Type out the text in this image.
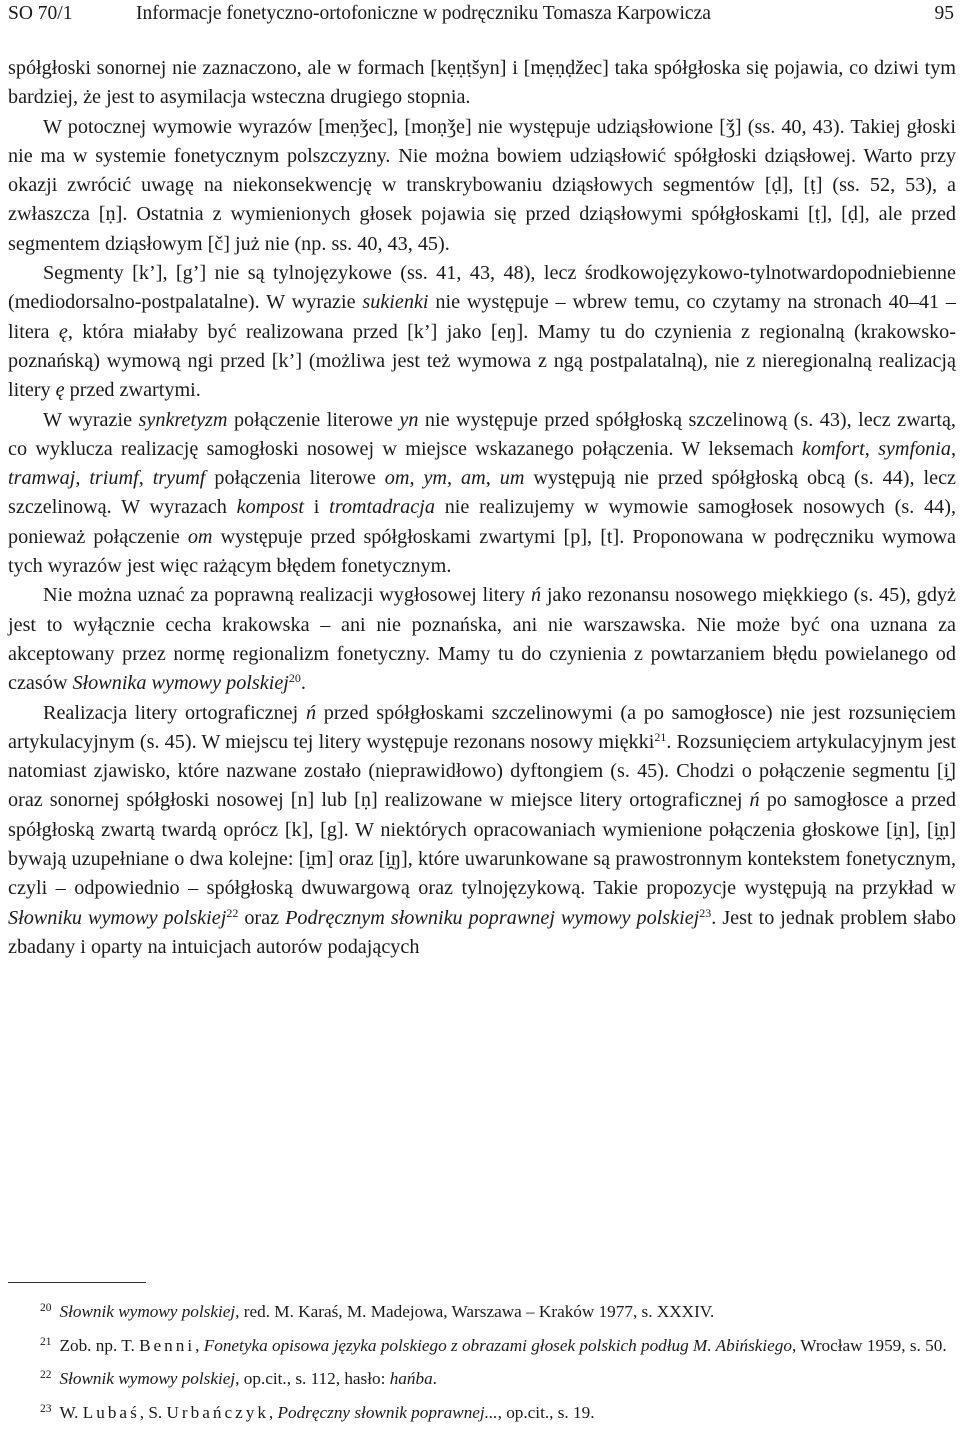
SO 70/1	Informacje fonetyczno-ortofoniczne w podręczniku Tomasza Karpowicza	95

spółgłoski sonornej nie zaznaczono, ale w formach [kẹṇṭšyn] i [mẹṇḍžec] taka spółgłoska się pojawia, co dziwi tym bardziej, że jest to asymilacja wsteczna drugiego stopnia.

W potocznej wymowie wyrazów [meṇǯec], [moṇǯe] nie występuje udziąsłowione [ǯ] (ss. 40, 43). Takiej głoski nie ma w systemie fonetycznym polszczyzny. Nie można bowiem udziąsłowić spółgłoski dziąsłowej. Warto przy okazji zwrócić uwagę na niekonsekwencję w transkrybowaniu dziąsłowych segmentów [ḍ], [ṭ] (ss. 52, 53), a zwłaszcza [ṇ]. Ostatnia z wymienionych głosek pojawia się przed dziąsłowymi spółgłoskami [ṭ], [ḍ], ale przed segmentem dziąsłowym [č] już nie (np. ss. 40, 43, 45).

Segmenty [k’], [g’] nie są tylnojęzykowe (ss. 41, 43, 48), lecz środkowojęzykowo-tylnotwardopodniebienne (mediodorsalno-postpalatalne). W wyrazie sukienki nie występuje – wbrew temu, co czytamy na stronach 40–41 – litera ę, która miałaby być realizowana przed [k’] jako [eŋ]. Mamy tu do czynienia z regionalną (krakowsko-poznańską) wymową ngi przed [k’] (możliwa jest też wymowa z ngą postpalatalną), nie z nieregionalną realizacją litery ę przed zwartymi.

W wyrazie synkretyzm połączenie literowe yn nie występuje przed spółgłoską szczelinową (s. 43), lecz zwartą, co wyklucza realizację samogłoski nosowej w miejsce wskazanego połączenia. W leksemach komfort, symfonia, tramwaj, triumf, tryumf połączenia literowe om, ym, am, um występują nie przed spółgłoską obcą (s. 44), lecz szczelinową. W wyrazach kompost i tromtadracja nie realizujemy w wymowie samogłosek nosowych (s. 44), ponieważ połączenie om występuje przed spółgłoskami zwartymi [p], [t]. Proponowana w podręczniku wymowa tych wyrazów jest więc rażącym błędem fonetycznym.

Nie można uznać za poprawną realizacji wygłosowej litery ń jako rezonansu nosowego miękkiego (s. 45), gdyż jest to wyłącznie cecha krakowska – ani nie poznańska, ani nie warszawska. Nie może być ona uznana za akceptowany przez normę regionalizm fonetyczny. Mamy tu do czynienia z powtarzaniem błędu powielanego od czasów Słownika wymowy polskiej$^{20}$.

Realizacja litery ortograficznej ń przed spółgłoskami szczelinowymi (a po samogłosce) nie jest rozsunięciem artykulacyjnym (s. 45). W miejscu tej litery występuje rezonans nosowy miękki$^{21}$. Rozsunięciem artykulacyjnym jest natomiast zjawisko, które nazwane zostało (nieprawidłowo) dyftongiem (s. 45). Chodzi o połączenie segmentu [i̯] oraz sonornej spółgłoski nosowej [n] lub [ṇ] realizowane w miejsce litery ortograficznej ń po samogłosce a przed spółgłoską zwartą twardą oprócz [k], [g]. W niektórych opracowaniach wymienione połączenia głoskowe [i̯n], [i̯ṇ] bywają uzupełniane o dwa kolejne: [i̯m] oraz [i̯ŋ], które uwarunkowane są prawostronnym kontekstem fonetycznym, czyli – odpowiednio – spółgłoską dwuwargową oraz tylnojęzykową. Takie propozycje występują na przykład w Słowniku wymowy polskiej$^{22}$ oraz Podręcznym słowniku poprawnej wymowy polskiej$^{23}$. Jest to jednak problem słabo zbadany i oparty na intuicjach autorów podających

$^{20}$ Słownik wymowy polskiej, red. M. Karaś, M. Madejowa, Warszawa – Kraków 1977, s. XXXIV.

$^{21}$ Zob. np. T. Benni, Fonetyka opisowa języka polskiego z obrazami głosek polskich podług M. Abińskiego, Wrocław 1959, s. 50.

$^{22}$ Słownik wymowy polskiej, op.cit., s. 112, hasło: hańba.

$^{23}$ W. Lubaś, S. Urbańczyk, Podręczny słownik poprawnej..., op.cit., s. 19.
